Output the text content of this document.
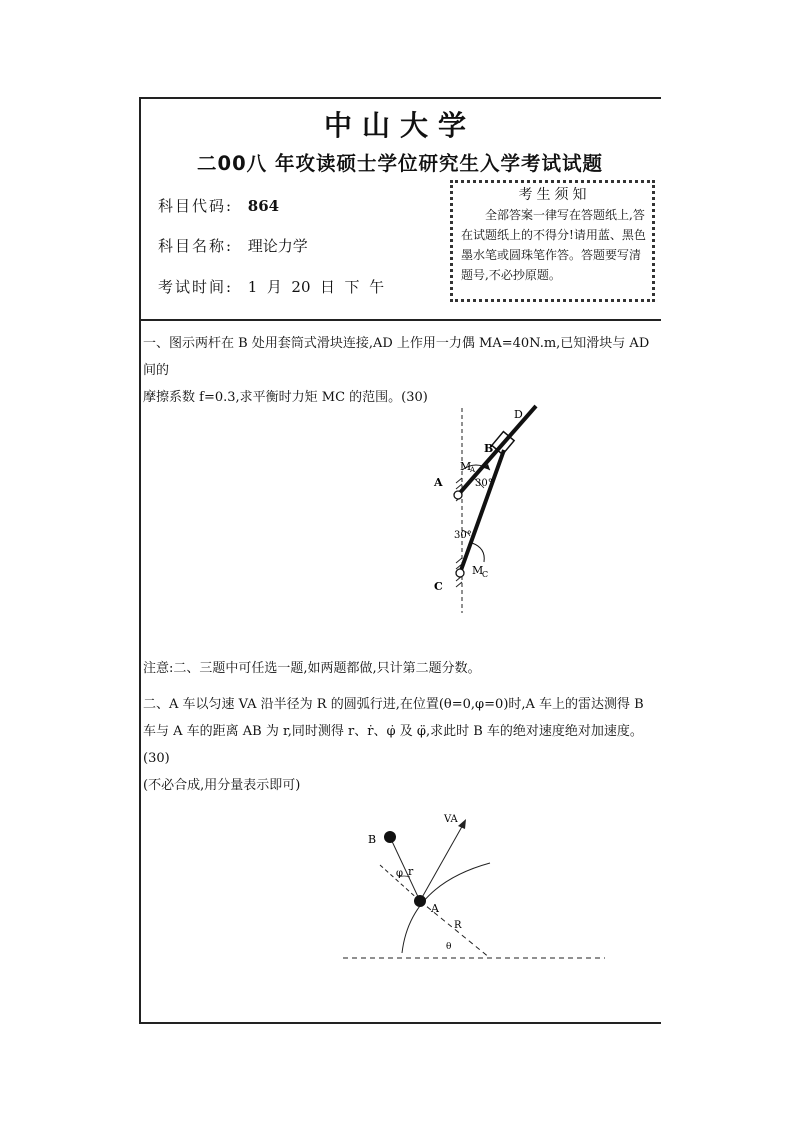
中山大学
二00八 年攻读硕士学位研究生入学考试试题
科目代码: 864
科目名称: 理论力学
考试时间: 1  月  20  日  下  午
考生须知
全部答案一律写在答题纸上,答在试题纸上的不得分!请用蓝、黑色墨水笔或圆珠笔作答。答题要写清题号,不必抄原题。
一、图示两杆在 B 处用套筒式滑块连接,AD 上作用一力偶 MA=40N.m,已知滑块与 AD 间的
摩擦系数 f=0.3,求平衡时力矩 MC 的范围。(30)
D
B
A
C
M
A
M
C
30°
30°
注意:二、三题中可任选一题,如两题都做,只计第二题分数。
二、A 车以匀速 VA 沿半径为 R 的圆弧行进,在位置(θ=0,φ=0)时,A 车上的雷达测得 B
车与 A 车的距离 AB 为 r,同时测得 r、ṙ、φ̇ 及 φ̈,求此时 B 车的绝对速度绝对加速度。(30)
(不必合成,用分量表示即可)
B
VA
φ r
A
R
θ
